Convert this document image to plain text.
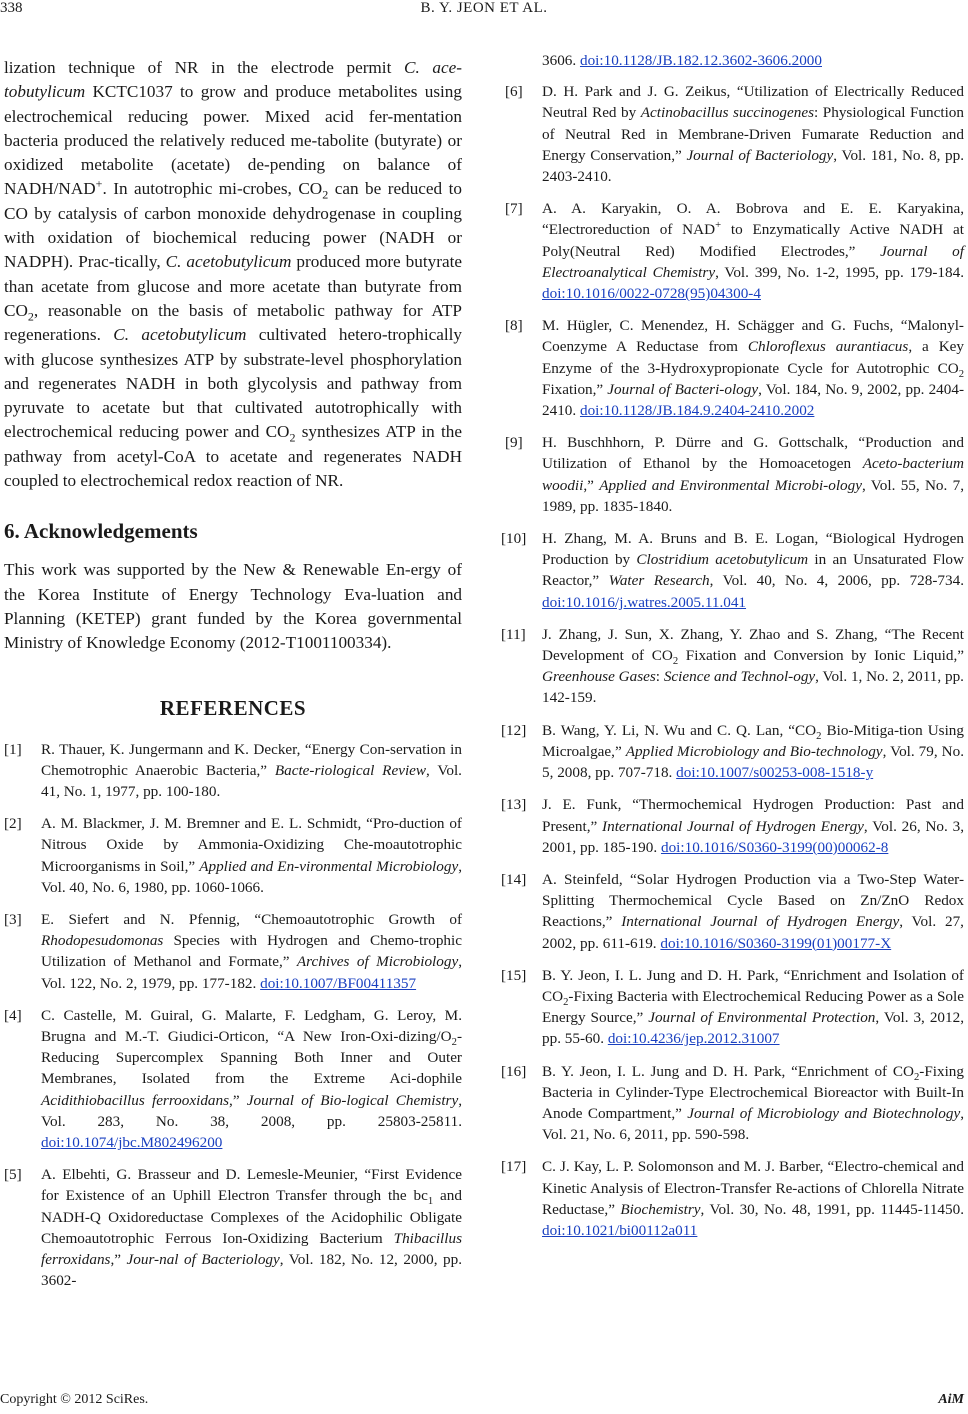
338	B. Y. JEON ET AL.

lization technique of NR in the electrode permit C. ace-tobutylicum KCTC1037 to grow and produce metabolites using electrochemical reducing power. Mixed acid fer-mentation bacteria produced the relatively reduced me-tabolite (butyrate) or oxidized metabolite (acetate) de-pending on balance of NADH/NAD+. In autotrophic mi-crobes, $CO_2$ can be reduced to CO by catalysis of carbon monoxide dehydrogenase in coupling with oxidation of biochemical reducing power (NADH or NADPH). Prac-tically, C. acetobutylicum produced more butyrate than acetate from glucose and more acetate than butyrate from $CO_2$, reasonable on the basis of metabolic pathway for ATP regenerations. C. acetobutylicum cultivated hetero-trophically with glucose synthesizes ATP by substrate-level phosphorylation and regenerates NADH in both glycolysis and pathway from pyruvate to acetate but that cultivated autotrophically with electrochemical reducing power and $CO_2$ synthesizes ATP in the pathway from acetyl-CoA to acetate and regenerates NADH coupled to electrochemical redox reaction of NR.

6. Acknowledgements

This work was supported by the New & Renewable En-ergy of the Korea Institute of Energy Technology Eva-luation and Planning (KETEP) grant funded by the Korea governmental Ministry of Knowledge Economy (2012-T1001100334).

REFERENCES
[1] R. Thauer, K. Jungermann and K. Decker, “Energy Con-servation in Chemotrophic Anaerobic Bacteria,” Bacte-riological Review, Vol. 41, No. 1, 1977, pp. 100-180.
[2] A. M. Blackmer, J. M. Bremner and E. L. Schmidt, “Pro-duction of Nitrous Oxide by Ammonia-Oxidizing Che-moautotrophic Microorganisms in Soil,” Applied and En-vironmental Microbiology, Vol. 40, No. 6, 1980, pp. 1060-1066.
[3] E. Siefert and N. Pfennig, “Chemoautotrophic Growth of Rhodopesudomonas Species with Hydrogen and Chemo-trophic Utilization of Methanol and Formate,” Archives of Microbiology, Vol. 122, No. 2, 1979, pp. 177-182. doi:10.1007/BF00411357
[4] C. Castelle, M. Guiral, G. Malarte, F. Ledgham, G. Leroy, M. Brugna and M.-T. Giudici-Orticon, “A New Iron-$Oxi-dizing/O_2$-Reducing Supercomplex Spanning Both Inner and Outer Membranes, Isolated from the Extreme Aci-dophile Acidithiobacillus ferrooxidans,” Journal of Bio-logical Chemistry, Vol. 283, No. 38, 2008, pp. 25803-25811. doi:10.1074/jbc.M802496200
[5] A. Elbehti, G. Brasseur and D. Lemesle-Meunier, “First Evidence for Existence of an Uphill Electron Transfer through the $bc_1$ and NADH-Q Oxidoreductase Complexes of the Acidophilic Obligate Chemoautotrophic Ferrous Ion-Oxidizing Bacterium Thibacillus ferroxidans,” Jour-nal of Bacteriology, Vol. 182, No. 12, 2000, pp. 3602-
3606. doi:10.1128/JB.182.12.3602-3606.2000
[6] D. H. Park and J. G. Zeikus, “Utilization of Electrically Reduced Neutral Red by Actinobacillus succinogenes: Physiological Function of Neutral Red in Membrane-Driven Fumarate Reduction and Energy Conservation,” Journal of Bacteriology, Vol. 181, No. 8, pp. 2403-2410.
[7] A. A. Karyakin, O. A. Bobrova and E. E. Karyakina, “Electroreduction of NAD+ to Enzymatically Active NADH at Poly(Neutral Red) Modified Electrodes,” Journal of Electroanalytical Chemistry, Vol. 399, No. 1-2, 1995, pp. 179-184. doi:10.1016/0022-0728(95)04300-4
[8] M. Hügler, C. Menendez, H. Schägger and G. Fuchs, “Malonyl-Coenzyme A Reductase from Chloroflexus aurantiacus, a Key Enzyme of the 3-Hydroxypropionate Cycle for Autotrophic $CO_2$ Fixation,” Journal of Bacteri-ology, Vol. 184, No. 9, 2002, pp. 2404-2410. doi:10.1128/JB.184.9.2404-2410.2002
[9] H. Buschhhorn, P. Dürre and G. Gottschalk, “Production and Utilization of Ethanol by the Homoacetogen Aceto-bacterium woodii,” Applied and Environmental Microbi-ology, Vol. 55, No. 7, 1989, pp. 1835-1840.
[10] H. Zhang, M. A. Bruns and B. E. Logan, “Biological Hydrogen Production by Clostridium acetobutylicum in an Unsaturated Flow Reactor,” Water Research, Vol. 40, No. 4, 2006, pp. 728-734. doi:10.1016/j.watres.2005.11.041
[11] J. Zhang, J. Sun, X. Zhang, Y. Zhao and S. Zhang, “The Recent Development of $CO_2$ Fixation and Conversion by Ionic Liquid,” Greenhouse Gases: Science and Technol-ogy, Vol. 1, No. 2, 2011, pp. 142-159.
[12] B. Wang, Y. Li, N. Wu and C. Q. Lan, “$CO_2$ Bio-Mitiga-tion Using Microalgae,” Applied Microbiology and Bio-technology, Vol. 79, No. 5, 2008, pp. 707-718. doi:10.1007/s00253-008-1518-y
[13] J. E. Funk, “Thermochemical Hydrogen Production: Past and Present,” International Journal of Hydrogen Energy, Vol. 26, No. 3, 2001, pp. 185-190. doi:10.1016/S0360-3199(00)00062-8
[14] A. Steinfeld, “Solar Hydrogen Production via a Two-Step Water-Splitting Thermochemical Cycle Based on Zn/ZnO Redox Reactions,” International Journal of Hydrogen Energy, Vol. 27, 2002, pp. 611-619. doi:10.1016/S0360-3199(01)00177-X
[15] B. Y. Jeon, I. L. Jung and D. H. Park, “Enrichment and Isolation of $CO_2$-Fixing Bacteria with Electrochemical Reducing Power as a Sole Energy Source,” Journal of Environmental Protection, Vol. 3, 2012, pp. 55-60. doi:10.4236/jep.2012.31007
[16] B. Y. Jeon, I. L. Jung and D. H. Park, “Enrichment of $CO_2$-Fixing Bacteria in Cylinder-Type Electrochemical Bioreactor with Built-In Anode Compartment,” Journal of Microbiology and Biotechnology, Vol. 21, No. 6, 2011, pp. 590-598.
[17] C. J. Kay, L. P. Solomonson and M. J. Barber, “Electro-chemical and Kinetic Analysis of Electron-Transfer Re-actions of Chlorella Nitrate Reductase,” Biochemistry, Vol. 30, No. 48, 1991, pp. 11445-11450. doi:10.1021/bi00112a011
Copyright © 2012 SciRes.	AiM
